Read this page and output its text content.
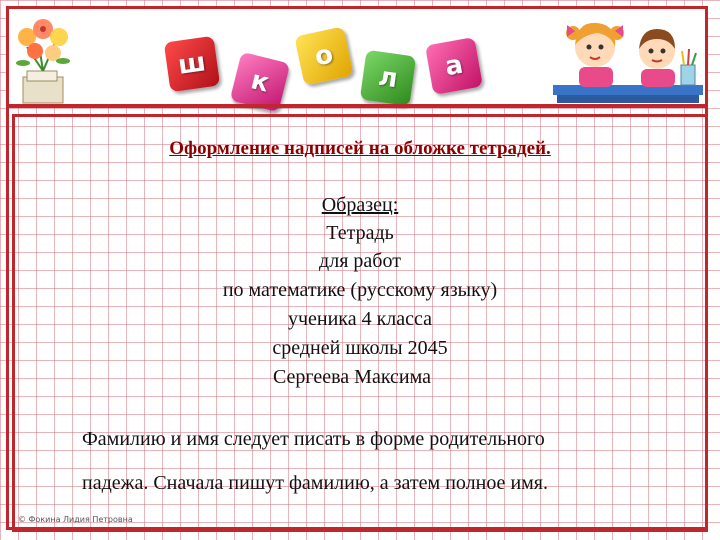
ш
к
о
л а
Оформление надписей на обложке тетрадей.
Образец:
Тетрадь
для работ
по математике (русскому языку)
ученика 4 класса
средней школы 2045
Сергеева Максима
Фамилию и имя следует писать в форме родительного
падежа. Сначала пишут фамилию, а затем полное имя.
© Фокина Лидия Петровна
